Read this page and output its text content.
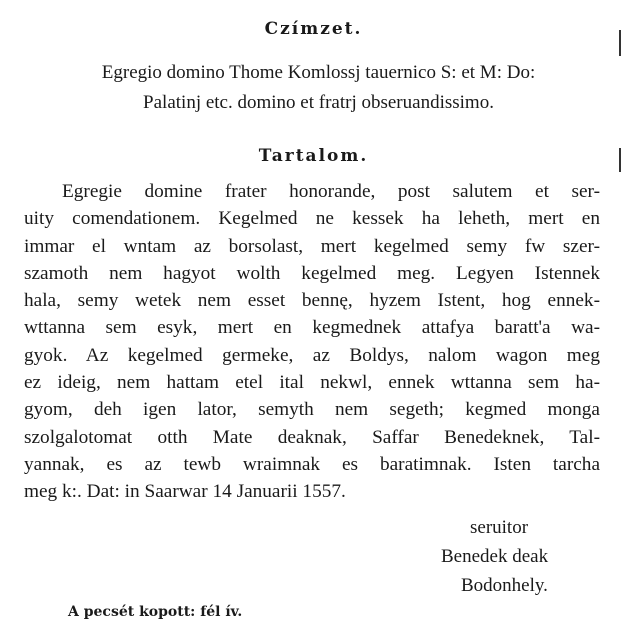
Czímzet.
Egregio domino Thome Komlossj tauernico S: et M: Do:
Palatinj etc. domino et fratrj obseruandissimo.
Tartalom.
Egregie domine frater honorande, post salutem et ser-
uity comendationem. Kegelmed ne kessek ha leheth, mert en
immar el wntam az borsolast, mert kegelmed semy fw szer-
szamoth nem hagyot wolth kegelmed meg. Legyen Istennek
hala, semy wetek nem esset bennę, hyzem Istent, hog ennek-
wttanna sem esyk, mert en kegmednek attafya baratt'a wa-
gyok. Az kegelmed germeke, az Boldys, nalom wagon meg
ez ideig, nem hattam etel ital nekwl, ennek wttanna sem ha-
gyom, deh igen lator, semyth nem segeth; kegmed monga
szolgalotomat otth Mate deaknak, Saffar Benedeknek, Tal-
yannak, es az tewb wraimnak es baratimnak. Isten tarcha
meg k:. Dat: in Saarwar 14 Januarii 1557.
seruitor
Benedek deak
Bodonhely.
A pecsét kopott: fél ív.
